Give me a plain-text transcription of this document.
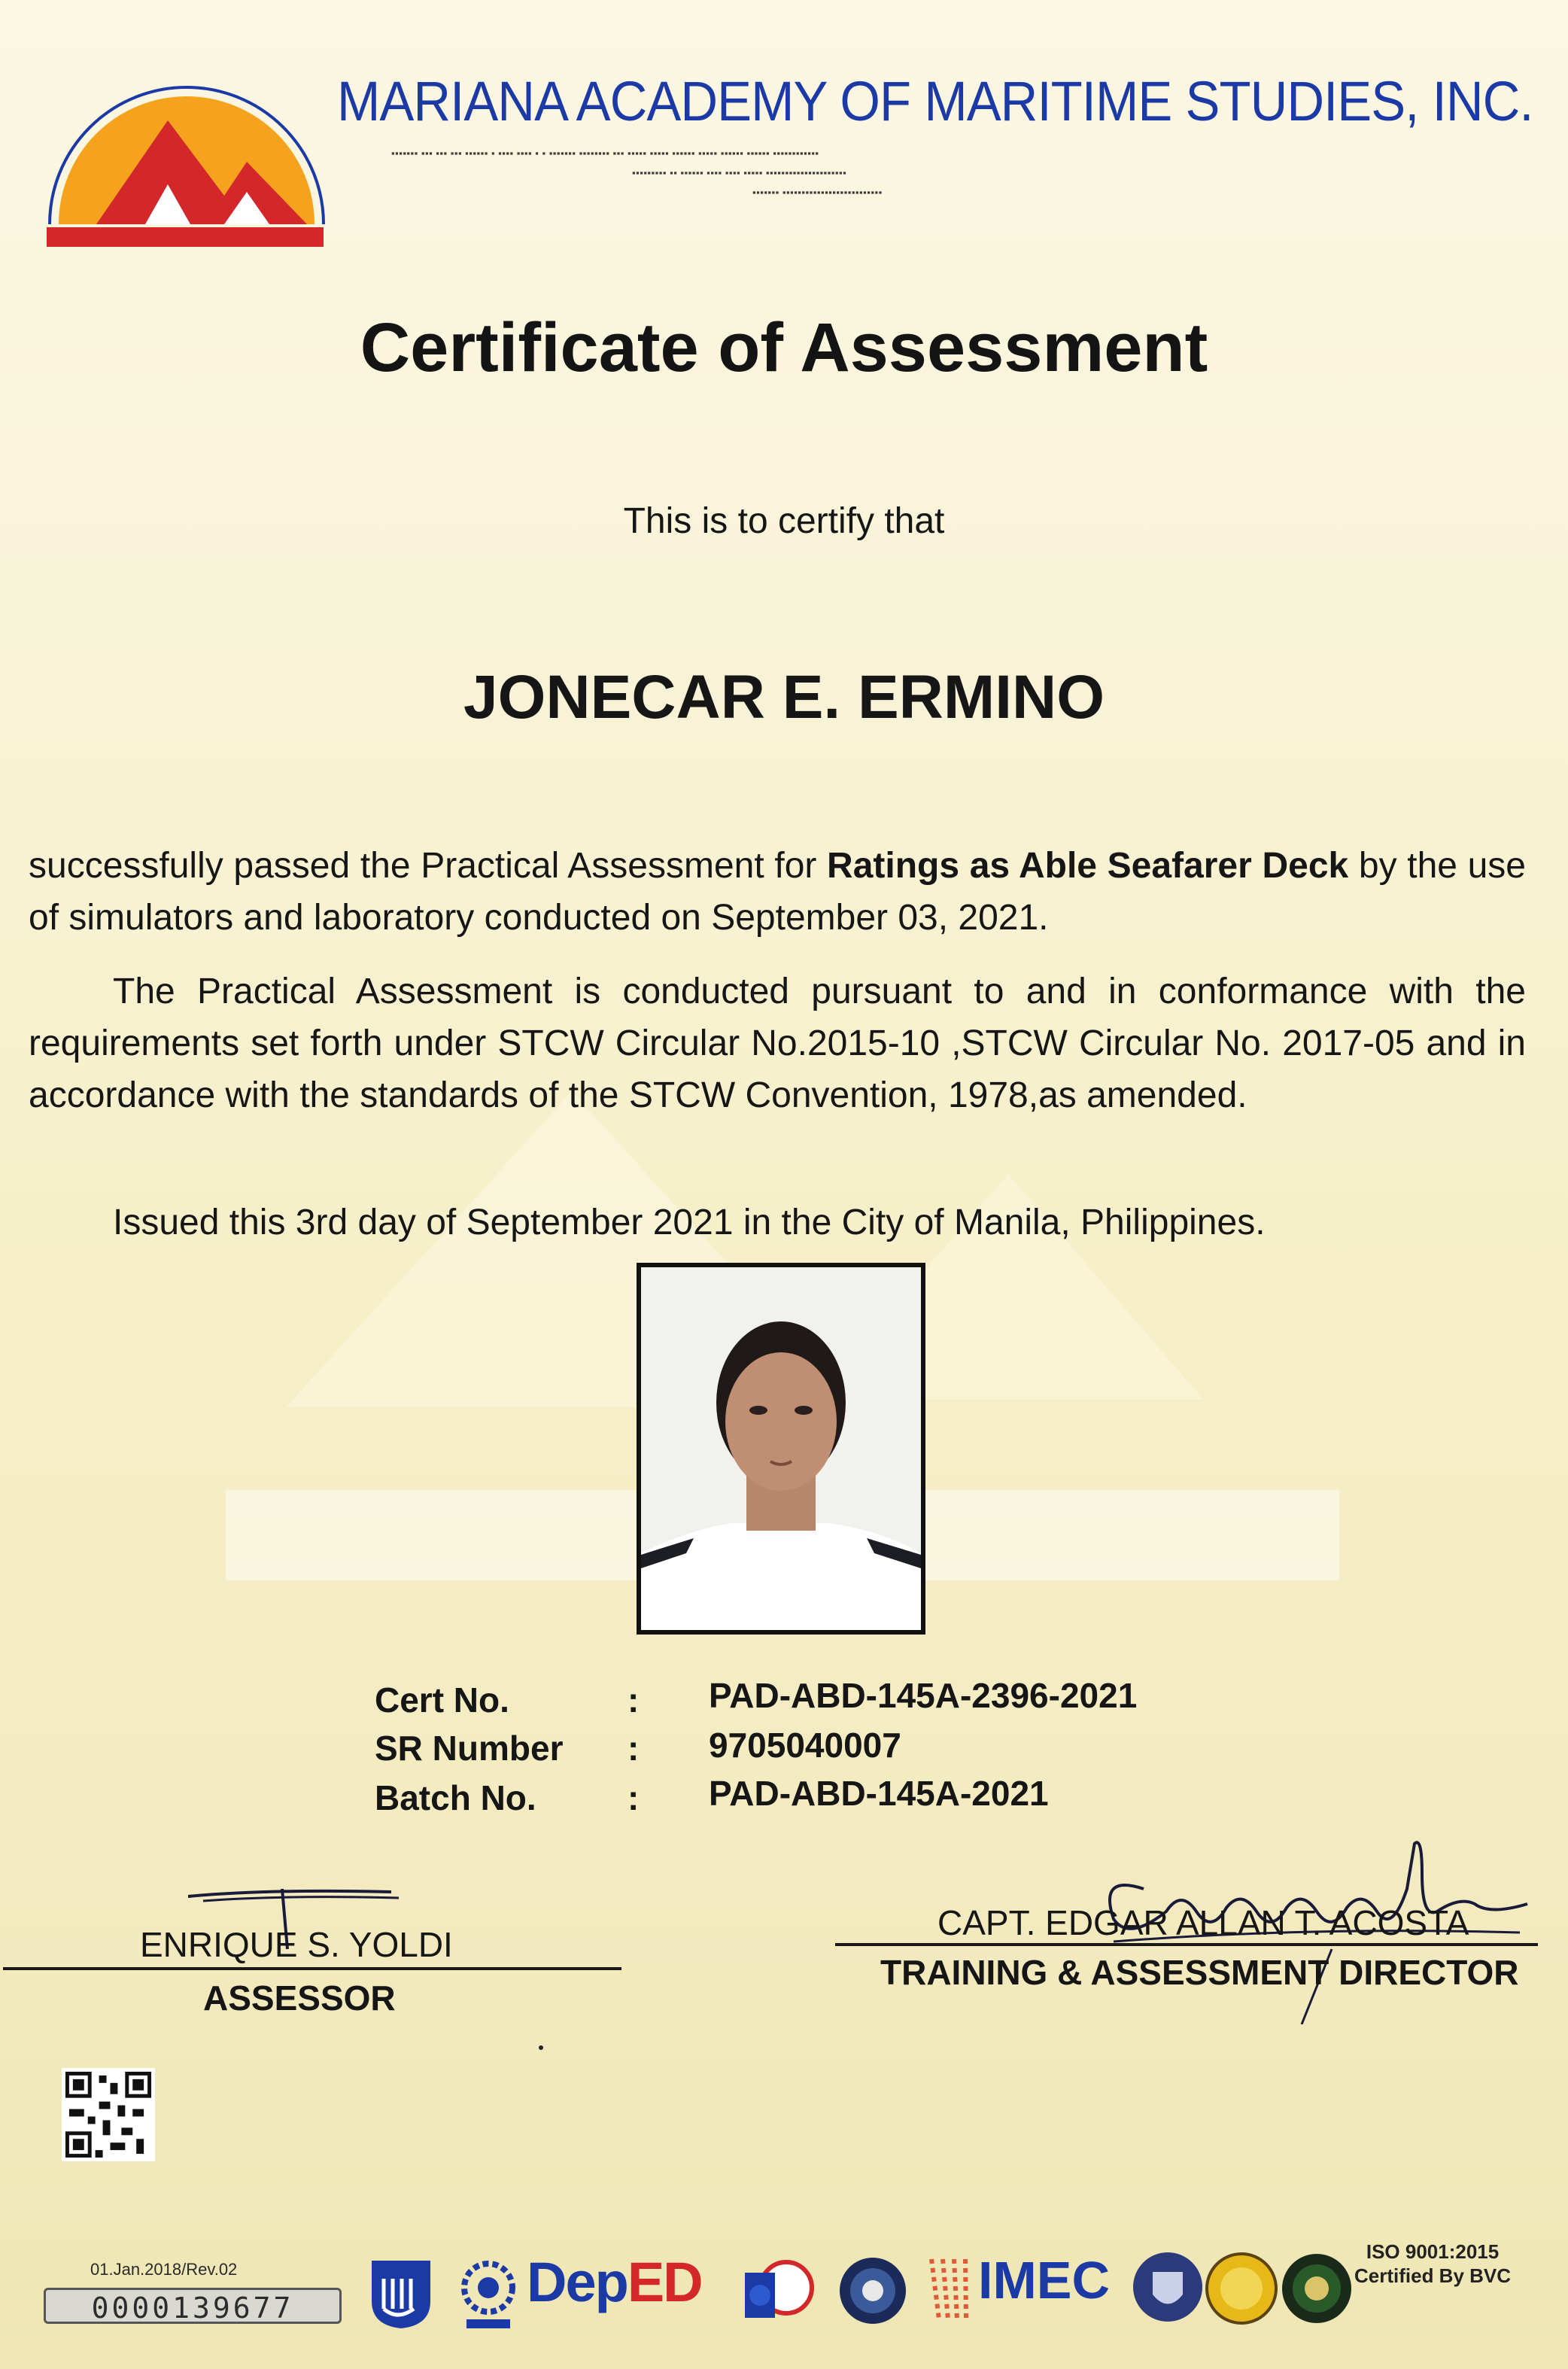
MARIANA ACADEMY OF MARITIME STUDIES, INC.
▪▪▪▪▪▪▪ ▪▪▪ ▪▪▪ ▪▪▪ ▪▪▪▪▪▪ ▪ ▪▪▪▪ ▪▪▪▪ ▪ ▪ ▪▪▪▪▪▪▪ ▪▪▪▪▪▪▪▪ ▪▪▪ ▪▪▪▪▪ ▪▪▪▪▪ ▪▪▪▪▪▪ ▪▪▪▪▪ ▪▪▪▪▪▪ ▪▪▪▪▪▪ ▪▪▪▪▪▪▪▪▪▪▪▪
▪▪▪▪▪▪▪▪▪ ▪▪ ▪▪▪▪▪▪ ▪▪▪▪ ▪▪▪▪ ▪▪▪▪▪ ▪▪▪▪▪▪▪▪▪▪▪▪▪▪▪▪▪▪▪▪▪
▪▪▪▪▪▪▪ ▪▪▪▪▪▪▪▪▪▪▪▪▪▪▪▪▪▪▪▪▪▪▪▪▪▪
Certificate of Assessment
This is to certify that
JONECAR E. ERMINO
successfully passed the Practical Assessment for Ratings as Able Seafarer Deck by the use of simulators and laboratory conducted on September 03, 2021.
The Practical Assessment is conducted pursuant to and in conformance with the requirements set forth under STCW Circular No.2015-10 ,STCW Circular No. 2017-05 and in accordance with the standards of the STCW Convention, 1978,as amended.
Issued this 3rd day of September 2021 in the City of Manila, Philippines.
Cert No.	: PAD-ABD-145A-2396-2021
SR Number : 9705040007
Batch No.	: PAD-ABD-145A-2021
ENRIQUE S. YOLDI
ASSESSOR
CAPT. EDGAR ALLAN T. ACOSTA
TRAINING & ASSESSMENT DIRECTOR
01.Jan.2018/Rev.02
0000139677	DepED	IMEC	ISO 9001:2015
Certified By BVC
